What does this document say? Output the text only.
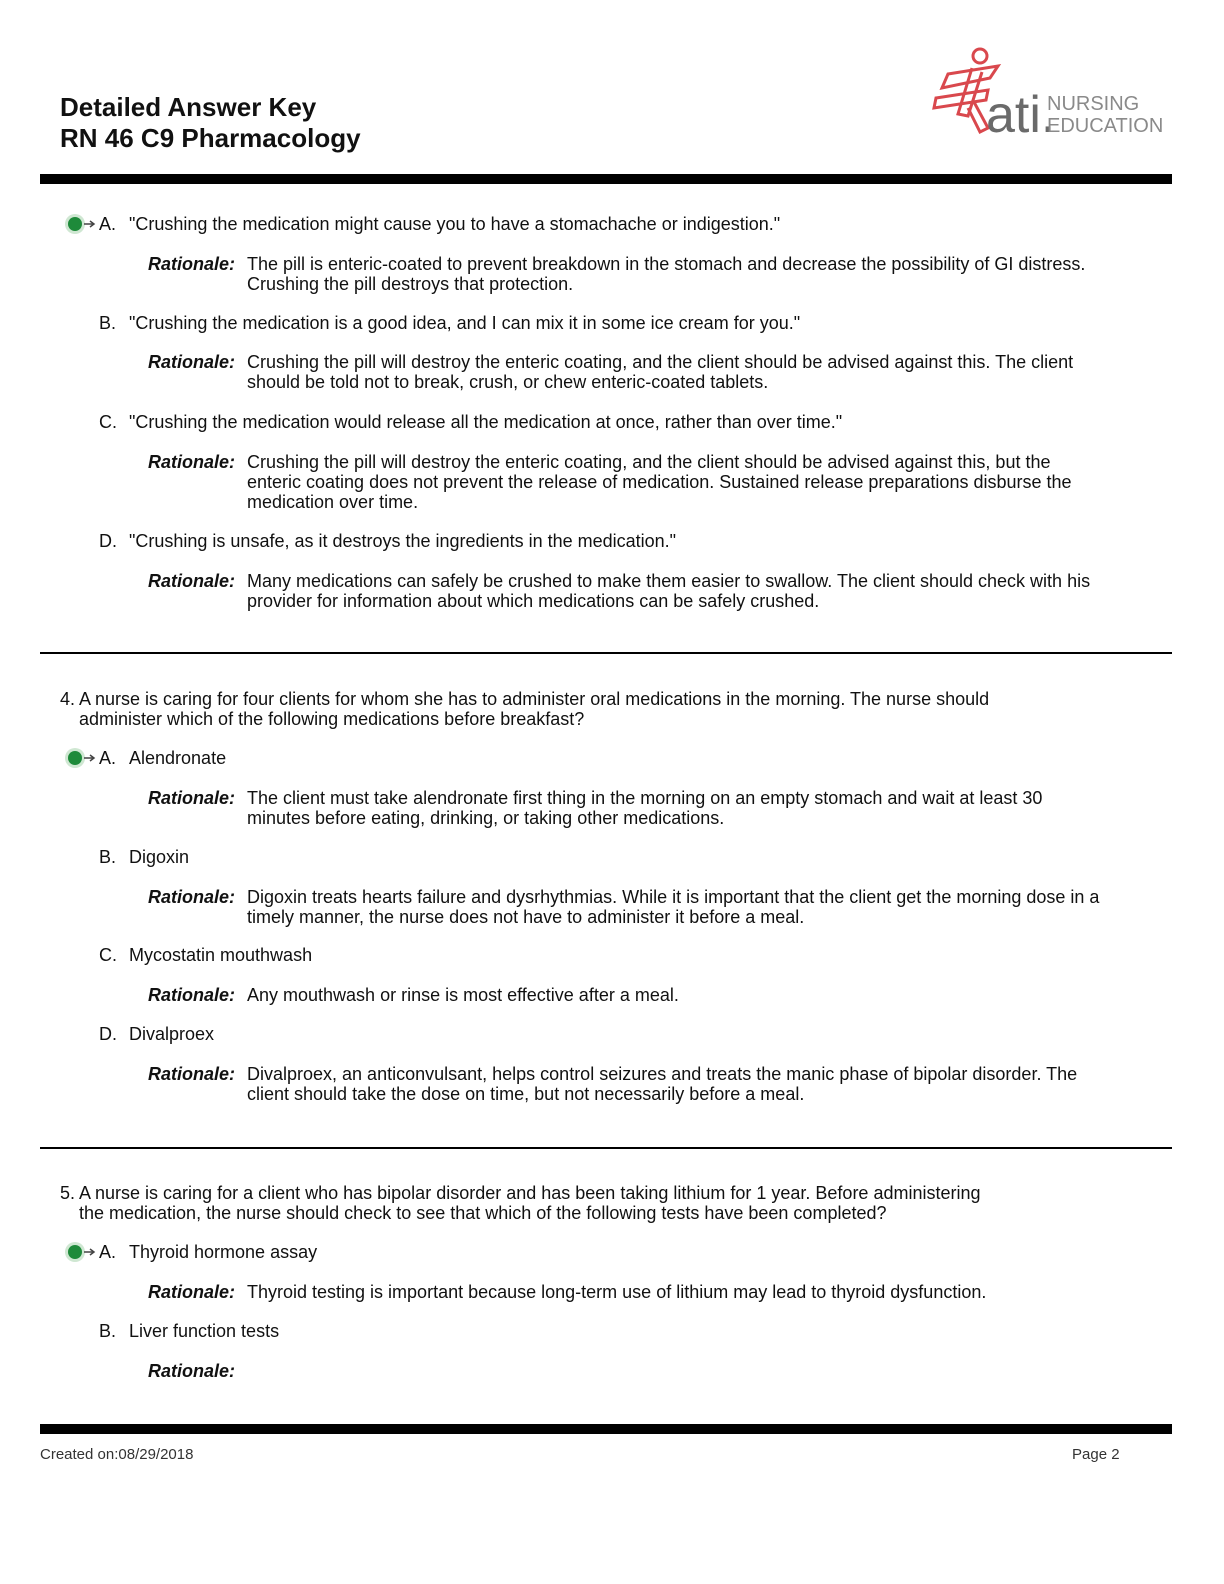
Detailed Answer Key
RN 46 C9 Pharmacology	ati.
NURSING
EDUCATION
A. "Crushing the medication might cause you to have a stomachache or indigestion."
Rationale: The pill is enteric-coated to prevent breakdown in the stomach and decrease the possibility of GI distress. Crushing the pill destroys that protection.
B. "Crushing the medication is a good idea, and I can mix it in some ice cream for you."
Rationale: Crushing the pill will destroy the enteric coating, and the client should be advised against this. The client should be told not to break, crush, or chew enteric-coated tablets.
C. "Crushing the medication would release all the medication at once, rather than over time."
Rationale: Crushing the pill will destroy the enteric coating, and the client should be advised against this, but the enteric coating does not prevent the release of medication. Sustained release preparations disburse the medication over time.
D. "Crushing is unsafe, as it destroys the ingredients in the medication."
Rationale: Many medications can safely be crushed to make them easier to swallow. The client should check with his provider for information about which medications can be safely crushed.
4. A nurse is caring for four clients for whom she has to administer oral medications in the morning. The nurse should
administer which of the following medications before breakfast?
A. Alendronate
Rationale: The client must take alendronate first thing in the morning on an empty stomach and wait at least 30 minutes before eating, drinking, or taking other medications.
B. Digoxin
Rationale: Digoxin treats hearts failure and dysrhythmias. While it is important that the client get the morning dose in a timely manner, the nurse does not have to administer it before a meal.
C. Mycostatin mouthwash
Rationale: Any mouthwash or rinse is most effective after a meal.
D. Divalproex
Rationale: Divalproex, an anticonvulsant, helps control seizures and treats the manic phase of bipolar disorder. The client should take the dose on time, but not necessarily before a meal.
5. A nurse is caring for a client who has bipolar disorder and has been taking lithium for 1 year. Before administering
the medication, the nurse should check to see that which of the following tests have been completed?
A. Thyroid hormone assay
Rationale: Thyroid testing is important because long-term use of lithium may lead to thyroid dysfunction.
B. Liver function tests
Rationale:
Created on:08/29/2018	Page 2
